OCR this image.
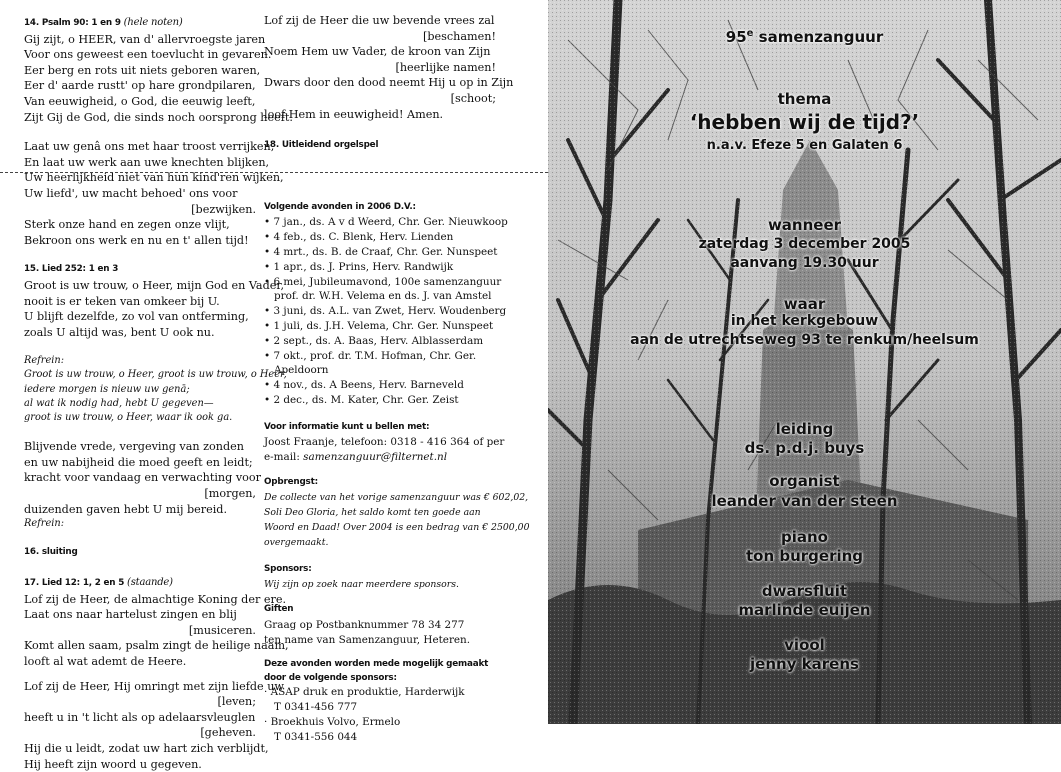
14. Psalm 90: 1 en 9 (hele noten)
Gij zijt, o HEER, van d' allervroegste jaren
Voor ons geweest een toevlucht in gevaren.
Eer berg en rots uit niets geboren waren,
Eer d' aarde rustt' op hare grondpilaren,
Van eeuwigheid, o God, die eeuwig leeft,
Zijt Gij de God, die sinds noch oorsprong heeft.
Laat uw genâ ons met haar troost verrijken,
En laat uw werk aan uwe knechten blijken,
Uw heerlijkheid niet van hun kind'ren wijken,
Uw liefd', uw macht behoed' ons voor
[bezwijken.
Sterk onze hand en zegen onze vlijt,
Bekroon ons werk en nu en t' allen tijd!
15. Lied 252: 1 en 3
Groot is uw trouw, o Heer, mijn God en Vader,
nooit is er teken van omkeer bij U.
U blijft dezelfde, zo vol van ontferming,
zoals U altijd was, bent U ook nu.
Refrein:
Groot is uw trouw, o Heer, groot is uw trouw, o Heer,
iedere morgen is nieuw uw genā;
al wat ik nodig had, hebt U gegeven—
groot is uw trouw, o Heer, waar ik ook ga.
Blijvende vrede, vergeving van zonden
en uw nabijheid die moed geeft en leidt;
kracht voor vandaag en verwachting voor
[morgen,
duizenden gaven hebt U mij bereid.
Refrein:
16. sluiting
17. Lied 12: 1, 2 en 5 (staande)
Lof zij de Heer, de almachtige Koning der ere.
Laat ons naar hartelust zingen en blij
[musiceren.
Komt allen saam, psalm zingt de heilige naam,
looft al wat ademt de Heere.
Lof zij de Heer, Hij omringt met zijn liefde uw
[leven;
heeft u in 't licht als op adelaarsvleuglen
[geheven.
Hij die u leidt, zodat uw hart zich verblijdt,
Hij heeft zijn woord u gegeven.
Lof zij de Heer die uw bevende vrees zal
[beschamen!
Noem Hem uw Vader, de kroon van Zijn
[heerlijke namen!
Dwars door den dood neemt Hij u op in Zijn
[schoot;
loof Hem in eeuwigheid! Amen.
18. Uitleidend orgelspel
Volgende avonden in 2006 D.V.:
• 7 jan., ds. A v d Weerd, Chr. Ger. Nieuwkoop
• 4 feb., ds. C. Blenk, Herv. Lienden
• 4 mrt., ds. B. de Craaf, Chr. Ger. Nunspeet
• 1 apr., ds. J. Prins, Herv. Randwijk
• 6 mei, Jubileumavond, 100e samenzanguur
prof. dr. W.H. Velema en ds. J. van Amstel
• 3 juni, ds. A.L. van Zwet, Herv. Woudenberg
• 1 juli, ds. J.H. Velema, Chr. Ger. Nunspeet
• 2 sept., ds. A. Baas, Herv. Alblasserdam
• 7 okt., prof. dr. T.M. Hofman, Chr. Ger.
Apeldoorn
• 4 nov., ds. A Beens, Herv. Barneveld
• 2 dec., ds. M. Kater, Chr. Ger. Zeist
Voor informatie kunt u bellen met:
Joost Fraanje, telefoon: 0318 - 416 364 of per
e-mail: samenzanguur@filternet.nl
Opbrengst:
De collecte van het vorige samenzanguur was € 602,02,
Soli Deo Gloria, het saldo komt ten goede aan
Woord en Daad! Over 2004 is een bedrag van € 2500,00
overgemaakt.
Sponsors:
Wij zijn op zoek naar meerdere sponsors.
Giften
Graag op Postbanknummer 78 34 277
ten name van Samenzanguur, Heteren.
Deze avonden worden mede mogelijk gemaakt door de volgende sponsors:
· ASAP druk en produktie, Harderwijk
T 0341-456 777
· Broekhuis Volvo, Ermelo
T 0341-556 044
95e samenzanguur
thema
‘hebben wij de tijd?’
n.a.v. Efeze 5 en Galaten 6
wanneer
zaterdag 3 december 2005
aanvang 19.30 uur
waar
in het kerkgebouw
aan de utrechtseweg 93 te renkum/heelsum
leiding
ds. p.d.j. buys
organist
leander van der steen
piano
ton burgering
dwarsfluit
marlinde euijen
viool
jenny karens
